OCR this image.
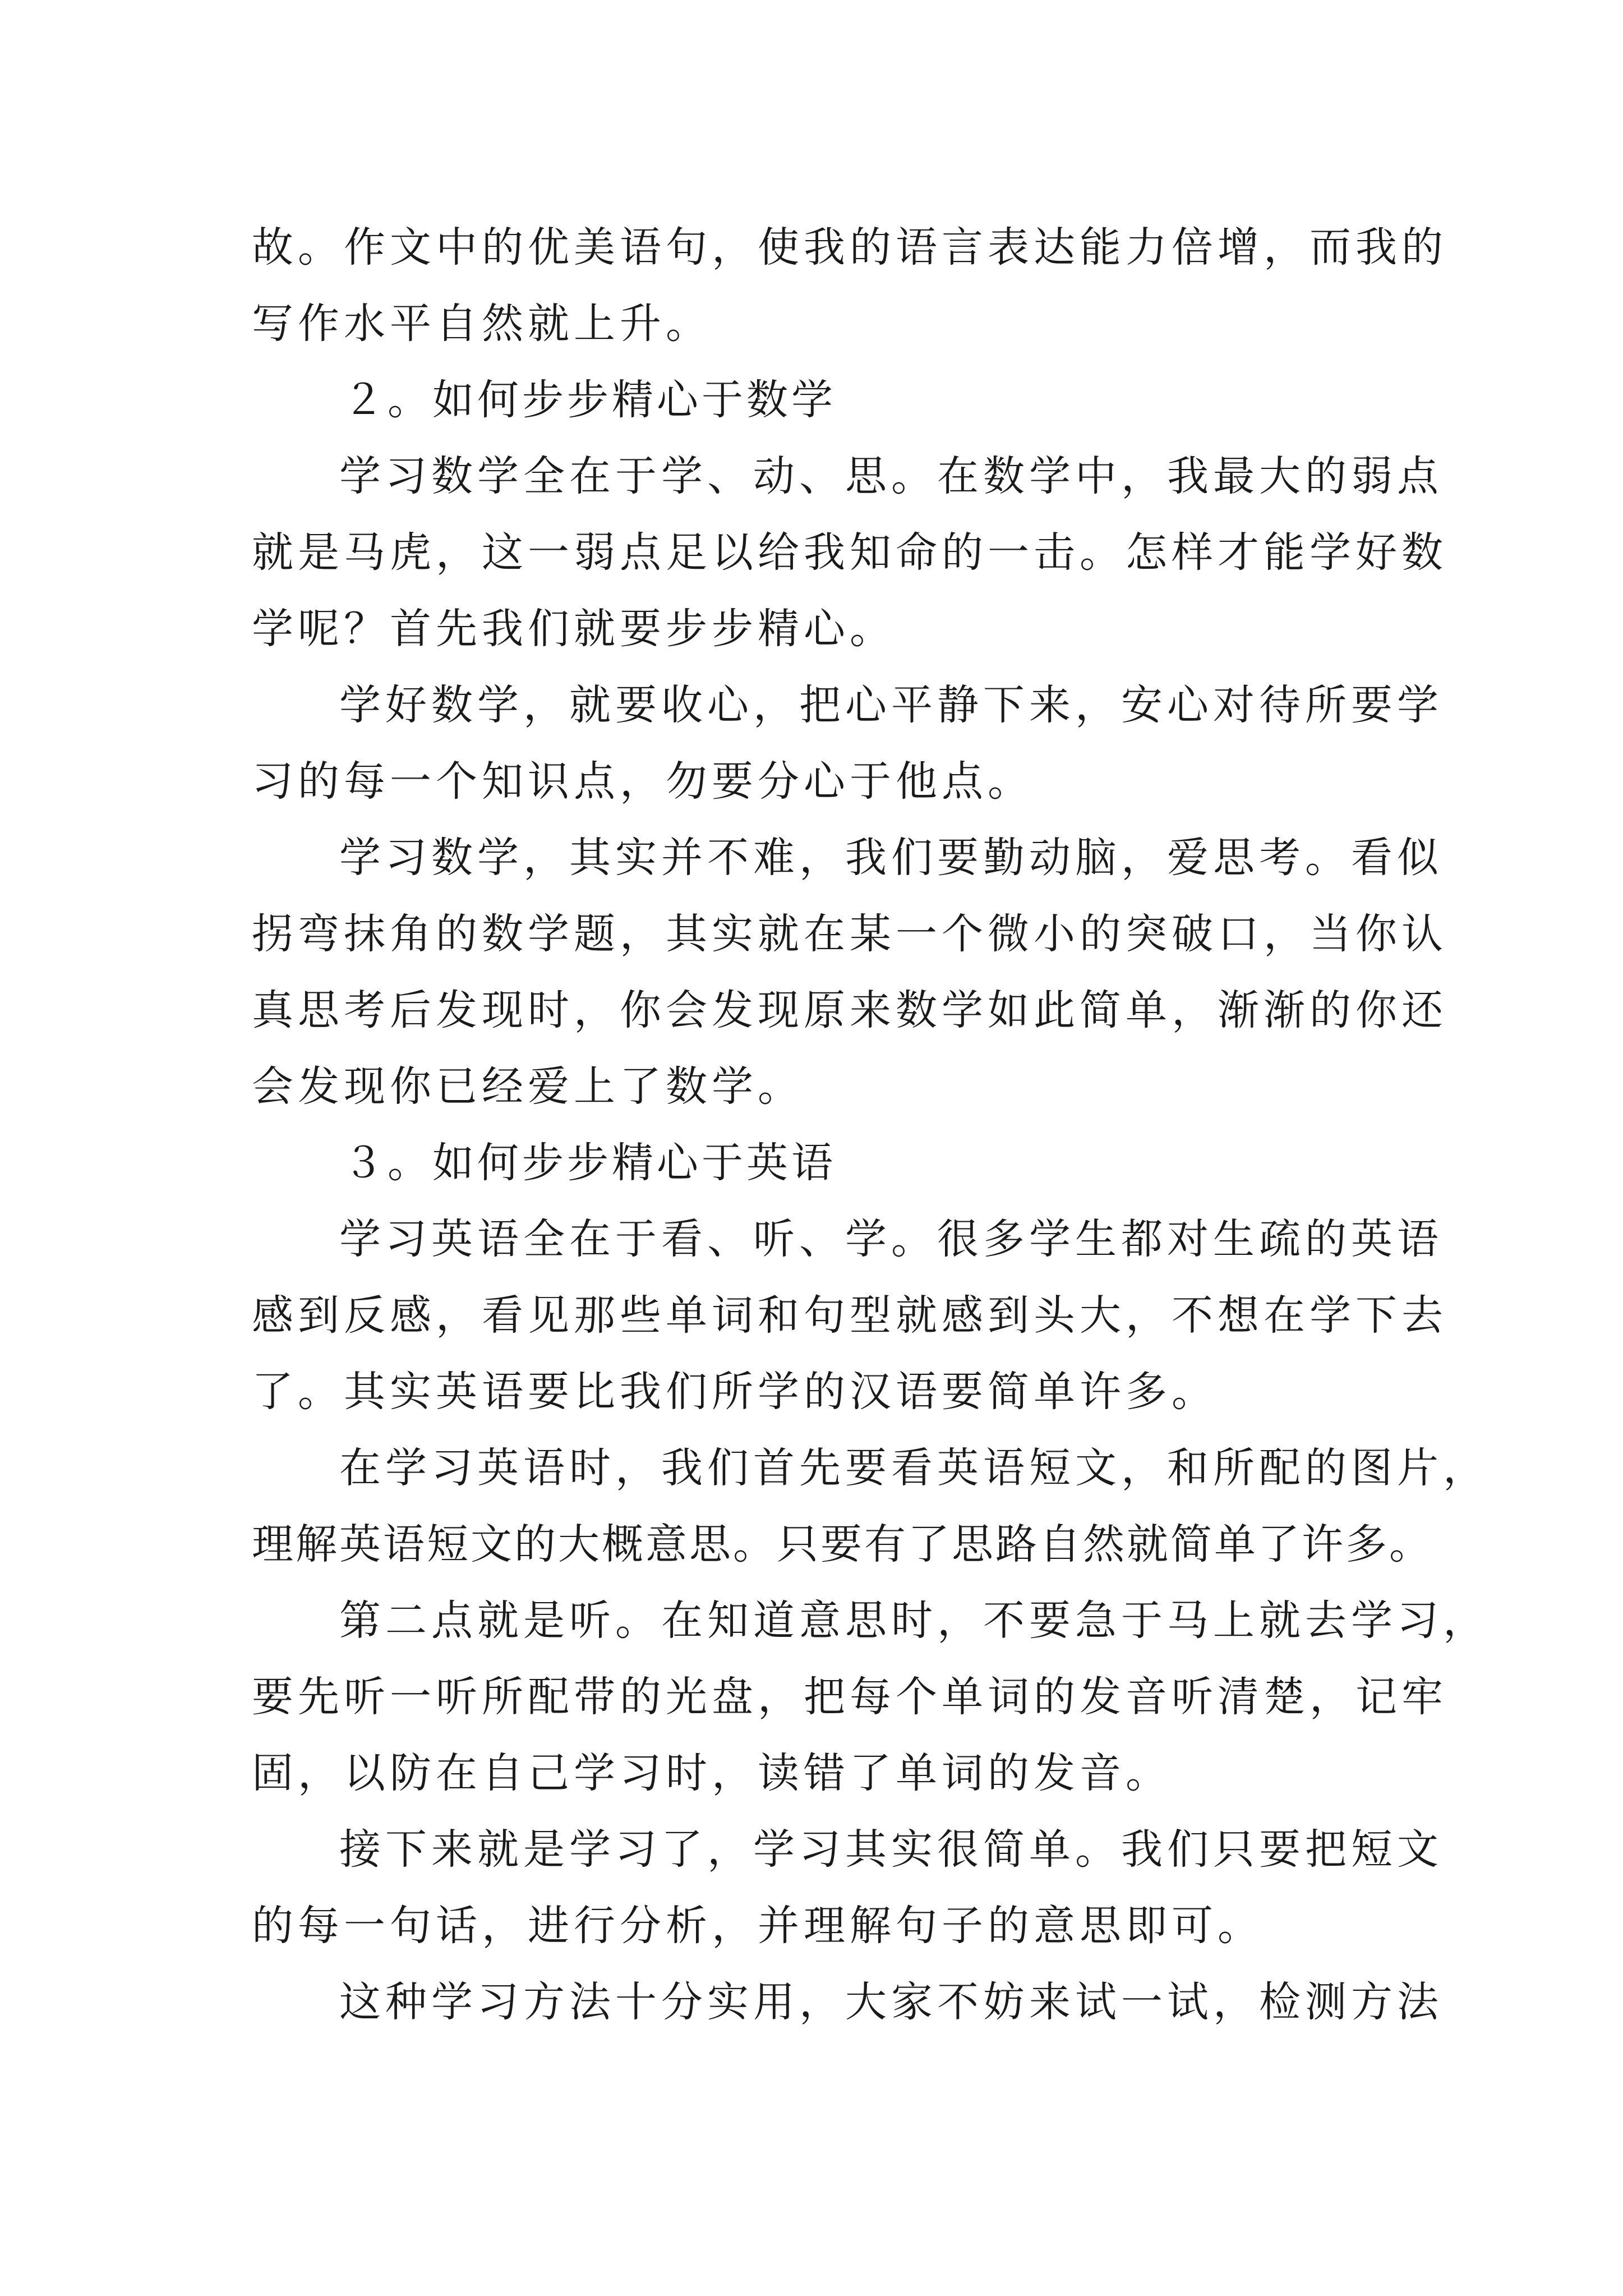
故。作文中的优美语句，使我的语言表达能力倍增，而我的
写作水平自然就上升。
２。如何步步精心于数学
学习数学全在于学、动、思。在数学中，我最大的弱点
就是马虎，这一弱点足以给我知命的一击。怎样才能学好数
学呢？首先我们就要步步精心。
学好数学，就要收心，把心平静下来，安心对待所要学
习的每一个知识点，勿要分心于他点。
学习数学，其实并不难，我们要勤动脑，爱思考。看似
拐弯抹角的数学题，其实就在某一个微小的突破口，当你认
真思考后发现时，你会发现原来数学如此简单，渐渐的你还
会发现你已经爱上了数学。
３。如何步步精心于英语
学习英语全在于看、听、学。很多学生都对生疏的英语
感到反感，看见那些单词和句型就感到头大，不想在学下去
了。其实英语要比我们所学的汉语要简单许多。
在学习英语时，我们首先要看英语短文，和所配的图片，
理解英语短文的大概意思。只要有了思路自然就简单了许多。
第二点就是听。在知道意思时，不要急于马上就去学习，
要先听一听所配带的光盘，把每个单词的发音听清楚，记牢
固，以防在自己学习时，读错了单词的发音。
接下来就是学习了，学习其实很简单。我们只要把短文
的每一句话，进行分析，并理解句子的意思即可。
这种学习方法十分实用，大家不妨来试一试，检测方法
